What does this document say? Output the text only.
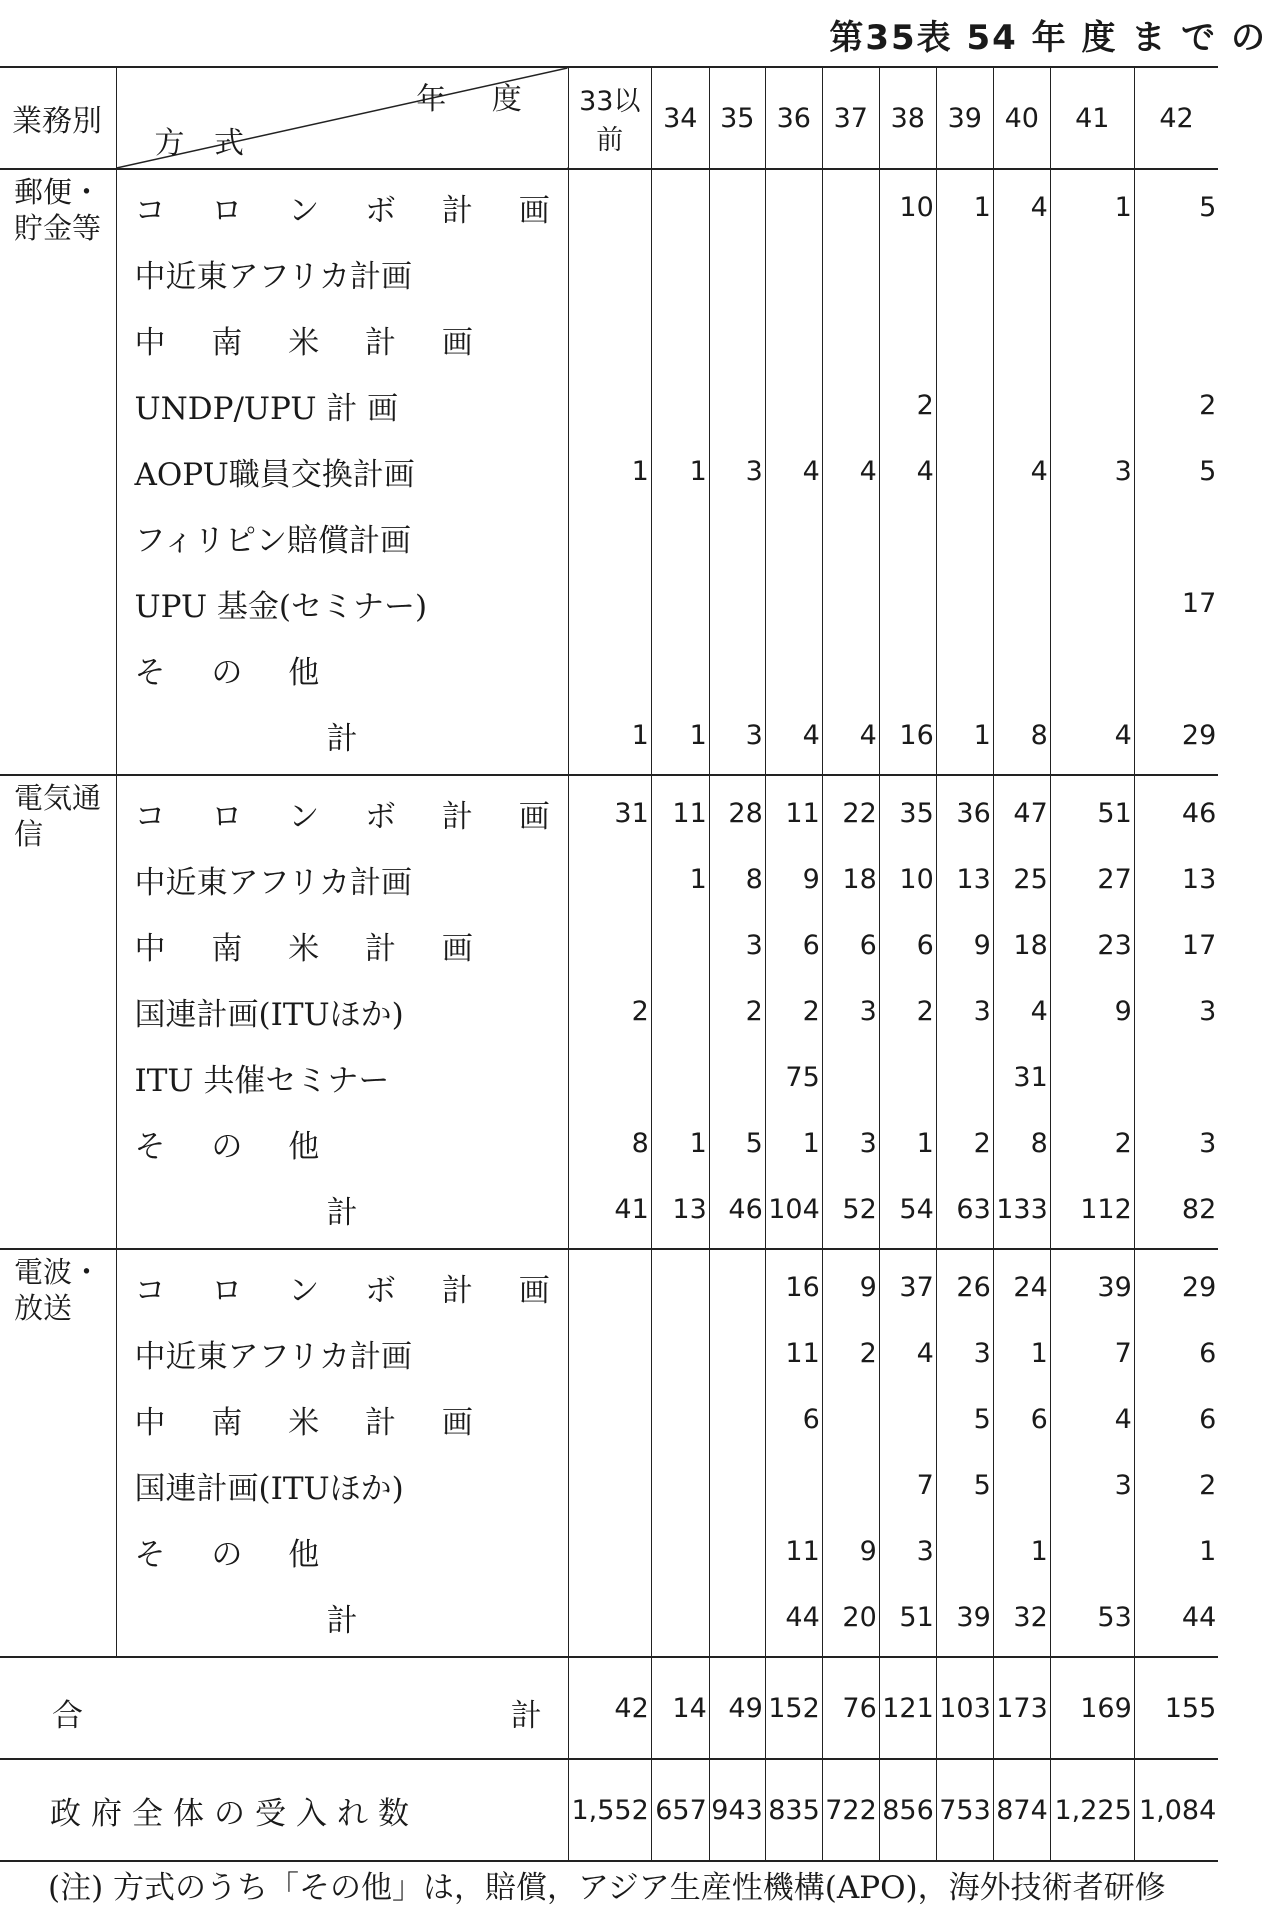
第35表 54 年 度 ま で の
業務別	年 度
方 式	33以前	34	35	36	37	38	39	40	41	42
郵便・
貯金等	コ ロ ン ボ 計 画						10	1	4	1	5
	中近東アフリカ計画										
	中 南 米 計 画										
	UNDP/UPU 計 画						2				2
	AOPU職員交換計画	1	1	3	4	4	4		4	3	5
	フィリピン賠償計画										
	UPU 基金(セミナー)										17
	そ の 他										
	計	1	1	3	4	4	16	1	8	4	29
電気通
信	コ ロ ン ボ 計 画	31	11	28	11	22	35	36	47	51	46
	中近東アフリカ計画		1	8	9	18	10	13	25	27	13
	中 南 米 計 画			3	6	6	6	9	18	23	17
	国連計画(ITUほか)	2		2	2	3	2	3	4	9	3
	ITU 共催セミナー				75				31		
	そ の 他	8	1	5	1	3	1	2	8	2	3
	計	41	13	46	104	52	54	63	133	112	82
電波・
放送	コ ロ ン ボ 計 画				16	9	37	26	24	39	29
	中近東アフリカ計画				11	2	4	3	1	7	6
	中 南 米 計 画				6			5	6	4	6
	国連計画(ITUほか)						7	5		3	2
	そ の 他				11	9	3		1		1
	計				44	20	51	39	32	53	44

合 計		42	14	49	152	76	121	103	173	169	155
政府全体の受入れ数		1,552	657	943	835	722	856	753	874	1,225	1,084
(注) 方式のうち「その他」は，賠償，アジア生産性機構(APO)，海外技術者研修
